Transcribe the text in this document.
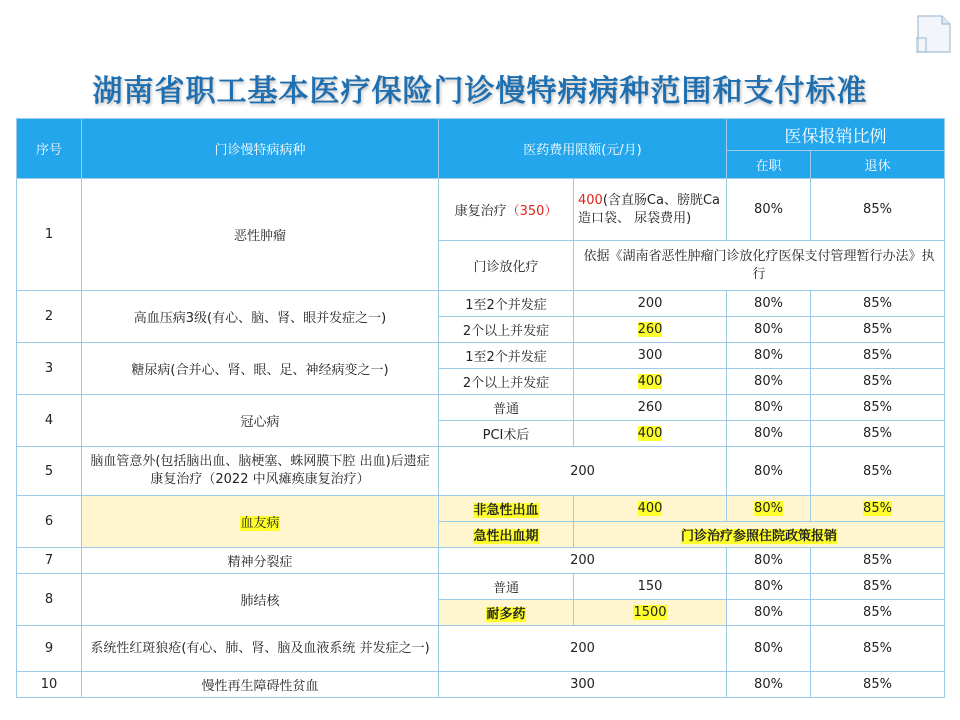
湖南省职工基本医疗保险门诊慢特病病种范围和支付标准
序号	门诊慢特病病种	医药费用限额(元/月)		医保报销比例	
				在职	退休
1	恶性肿瘤	康复治疗（350）	400(含直肠Ca、膀胱Ca造口袋、 尿袋费用)	80%	85%
		门诊放化疗	依据《湖南省恶性肿瘤门诊放化疗医保支付管理暂行办法》执行		
2	高血压病3级(有心、脑、肾、眼并发症之一)	1至2个并发症	200	80%	85%
		2个以上并发症	260	80%	85%
3	糖尿病(合并心、肾、眼、足、神经病变之一)	1至2个并发症	300	80%	85%
		2个以上并发症	400	80%	85%
4	冠心病	普通	260	80%	85%
		PCI术后	400	80%	85%
5	脑血管意外(包括脑出血、脑梗塞、蛛网膜下腔 出血)后遗症康复治疗（2022 中风瘫痪康复治疗）	200		80%	85%
6	血友病	非急性出血	400	80%	85%
		急性出血期	门诊治疗参照住院政策报销		
7	精神分裂症	200		80%	85%
8	肺结核	普通	150	80%	85%
		耐多药	1500	80%	85%
9	系统性红斑狼疮(有心、肺、肾、脑及血液系统 并发症之一)	200		80%	85%
10	慢性再生障碍性贫血	300		80%	85%
